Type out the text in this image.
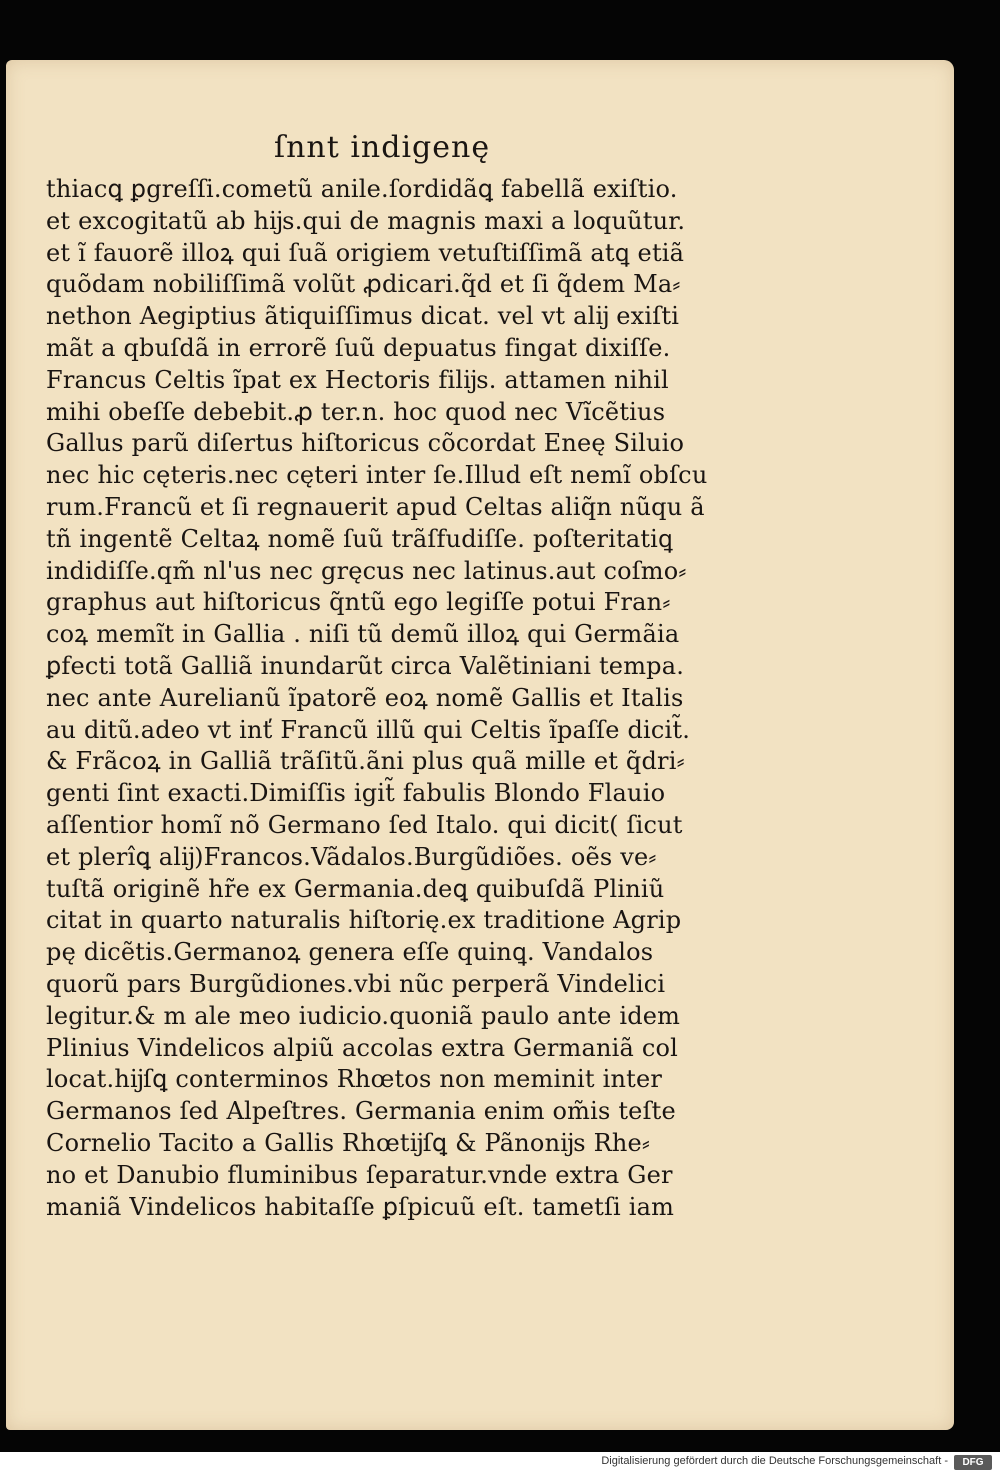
ſnnt indigenę
thiacꝗ ꝑgreſſi.cometũ anile.ſordidãꝗ fabellã exiſtio.
et excogitatũ ab hĳs.qui de magnis maxi a loquũtur.
et ĩ fauorẽ illoꝝ qui ſuã origiem vetuſtiſſimã atꝗ etiã
quõdam nobiliſſimã volũt ꝓdicari.q̃d et ſi q̃dem Ma⸗
nethon Aegiptius ãtiquiſſimus dicat. vel vt alĳ exiſti
mãt a qbuſdã in errorẽ ſuũ depuatus fingat dixiſſe.
Francus Celtis ĩpat ex Hectoris filĳs. attamen nihil
mihi obeſſe debebit.ꝓ ter.n. hoc quod nec Vĩcẽtius
Gallus parũ diſertus hiſtoricus cõcordat Eneę Siluio
nec hic cęteris.nec cęteri inter ſe.Illud eſt nemĩ obſcu
rum.Francũ et ſi regnauerit apud Celtas aliq̃n nũqu ã
tñ ingentẽ Celtaꝝ nomẽ ſuũ trãſfudiſſe. poſteritatiꝗ
indidiſſe.qm̃ nl'us nec gręcus nec latinus.aut coſmo⸗
graphus aut hiſtoricus q̃ntũ ego legiſſe potui Fran⸗
coꝝ memĩt in Gallia . niſi tũ demũ illoꝝ qui Germãia
ꝑfecti totã Galliã inundarũt circa Valẽtiniani tempa.
nec ante Aurelianũ ĩpatorẽ eoꝝ nomẽ Gallis et Italis
au ditũ.adeo vt inť Francũ illũ qui Celtis ĩpaſſe dicit̃.
& Frãcoꝝ in Galliã trãſitũ.ãni plus quã mille et q̃dri⸗
genti ſint exacti.Dimiſſis igit̃ fabulis Blondo Flauio
aſſentior homĩ nõ Germano ſed Italo. qui dicit( ſicut
et plerîꝗ alĳ)Francos.Vãdalos.Burgũdiões. oẽs ve⸗
tuſtã originẽ hr̃e ex Germania.deꝗ quibuſdã Pliniũ
citat in quarto naturalis hiſtorię.ex traditione Agrip
pę dicẽtis.Germanoꝝ genera eſſe quinꝗ. Vandalos
quorũ pars Burgũdiones.vbi nũc perperã Vindelici
legitur.& m ale meo iudicio.quoniã paulo ante idem
Plinius Vindelicos alpiũ accolas extra Germaniã col
locat.hĳſꝗ conterminos Rhœtos non meminit inter
Germanos ſed Alpeſtres. Germania enim om̃is teſte
Cornelio Tacito a Gallis Rhœtĳſꝗ & Pãnonĳs Rhe⸗
no et Danubio fluminibus ſeparatur.vnde extra Ger
maniã Vindelicos habitaſſe ꝑſpicuũ eſt. tametſi iam
Digitalisierung gefördert durch die Deutsche Forschungsgemeinschaft -	DFG
